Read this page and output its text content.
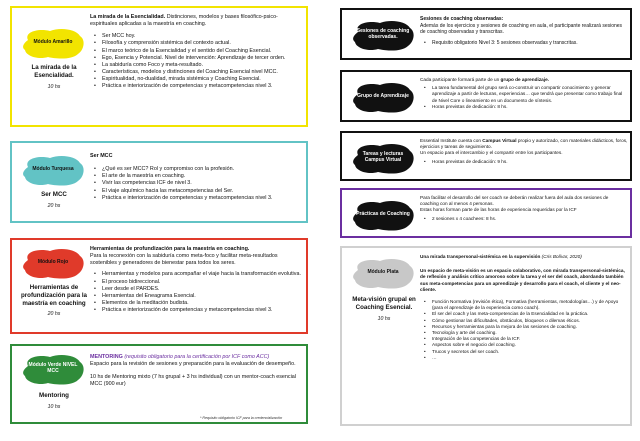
Módulo Amarillo
La mirada de la Esencialidad.
10 hs
La mirada de la Esencialidad. Distinciones, modelos y bases filosófico-psico-espirituales aplicadas a la maestría en coaching.
• Ser MCC hoy.
• Filosofía y comprensión sistémica del contexto actual.
• El marco teórico de la Esencialidad y el sentido del Coaching Esencial.
• Ego, Esencia y Potencial. Nivel de intervención: Aprendizaje de tercer orden.
• La sabiduría como Foco y meta-resultado.
• Características, modelos y distinciones del Coaching Esencial nivel MCC.
• Espiritualidad, no-dualidad, mirada sistémica y Coaching Esencial.
• Práctica e interiorización de competencias y metacompetencias nivel 3.
Módulo Turquesa
Ser MCC
20 hs
Ser MCC
• ¿Qué es ser MCC? Rol y compromiso con la profesión.
• El arte de la maestría en coaching.
• Vivir las competencias ICF de nivel 3.
• El viaje alquímico hacia las metacompetencias del Ser.
• Práctica e interiorización de competencias y metacompetencias nivel 3.
Módulo Rojo
Herramientas de profundización para la maestría en coaching
20 hs
Herramientas de profundización para la maestría en coaching.
Para la reconexión con la sabiduría como meta-foco y facilitar meta-resultados sostenibles y generadores de bienestar para todos los seres.
• Herramientas y modelos para acompañar el viaje hacia la transformación evolutiva.
• El proceso bidireccional.
• Leer desde el PARDES.
• Herramientas del Eneagrama Esencial.
• Elementos de la meditación budista.
• Práctica e interiorización de competencias y metacompetencias nivel 3.
Módulo Verde NIVEL MCC
Mentoring
10 hs
MENTORING (requisito obligatorio para la certificación por ICF como ACC)
Espacio para la revisión de sesiones y preparación para la evaluación de desempeño.
10 hs de Mentoring mixto (7 hs grupal + 3 hs individual) con un mentor-coach esencial MCC (900 eur)
* Requisito obligatorio ICF para la credencialización
Sesiones de coaching observadas.
Sesiones de coaching observadas:
Además de los ejercicios y sesiones de coaching en aula, el participante realizará sesiones de coaching observadas y transcritas.
• Requisito obligatorio Nivel 3: 5 sesiones observadas y transcritas.
Grupo de Aprendizaje
Cada participante formará parte de un grupo de aprendizaje.
• La tarea fundamental del grupo será co-construir un compartir conocimiento y generar aprendizaje a partir de lecturas, experiencias… que tendrá que presentar como trabajo final de Nivel Core o lineamiento en un documento de síntesis.
• Horas previstas de dedicación: 8 hs.
Tareas y lecturas Campus Virtual
Essential Institute cuenta con Campus Virtual propio y autorizado, con materiales didácticos, foros, ejercicios y tareas de seguimiento.
Un espacio para el intercambio y el compartir entre los participantes.
• Horas previstas de dedicación: 9 hs.
Prácticas de Coaching
Para facilitar el desarrollo del ser coach se deberán realizar fuera del aula dos sesiones de coaching con al menos 4 personas.
Estas horas forman parte de las horas de experiencia requeridas por la ICF
• 2 sesiones x 4 coachees: 8 hs.
Módulo Plata
Meta-visión grupal en Coaching Esencial.
10 hs
Una mirada transpersonal-sistémica en la supervisión (Cris Bolívar, 2020)
Un espacio de meta-visión es un espacio colaborativo, con mirada transpersonal-sistémica, de reflexión y análisis crítico amoroso sobre la tarea y el ser del coach, abordando también sus meta-competencias para un aprendizaje y desarrollo para el coach, el cliente y el neo-cliente.
• Función Normativa (revisión ética), Formativa (herramientas, metodologías…) y de Apoyo (para el aprendizaje de la experiencia como coach).
• El ser del coach y las meta-competencias de la Esencialidad en la práctica.
• Cómo gestionar las dificultades, obstáculos, bloqueos o dilemas éticos.
• Recursos y herramientas para la mejora de las sesiones de coaching.
• Tecnología y arte del coaching.
• Integración de las competencias de la ICF.
• Aspectos sobre el negocio del coaching.
• Trucos y secretos del ser coach.
• …
